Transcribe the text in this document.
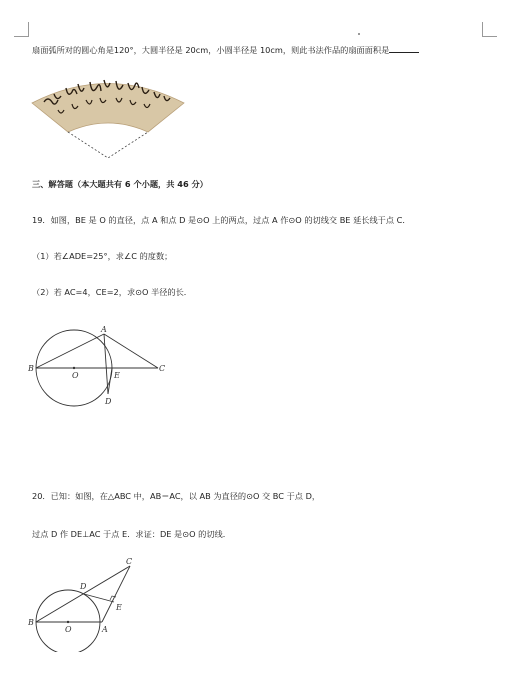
扇面弧所对的圆心角是120°，大圆半径是 20cm，小圆半径是 10cm，则此书法作品的扇面面积是
三、解答题（本大题共有 6 个小题，共 46 分）
19．如图，BE 是 O 的直径，点 A 和点 D 是⊙O 上的两点，过点 A 作⊙O 的切线交 BE 延长线于点 C．
（1）若∠ADE=25°，求∠C 的度数；
（2）若 AC=4，CE=2，求⊙O 半径的长．
A
B
O	E
C
D
20．已知：如图，在△ABC 中，AB＝AC，以 AB 为直径的⊙O 交 BC 于点 D，
过点 D 作 DE⊥AC 于点 E．求证：DE 是⊙O 的切线．
C
D
E
B
O	A
